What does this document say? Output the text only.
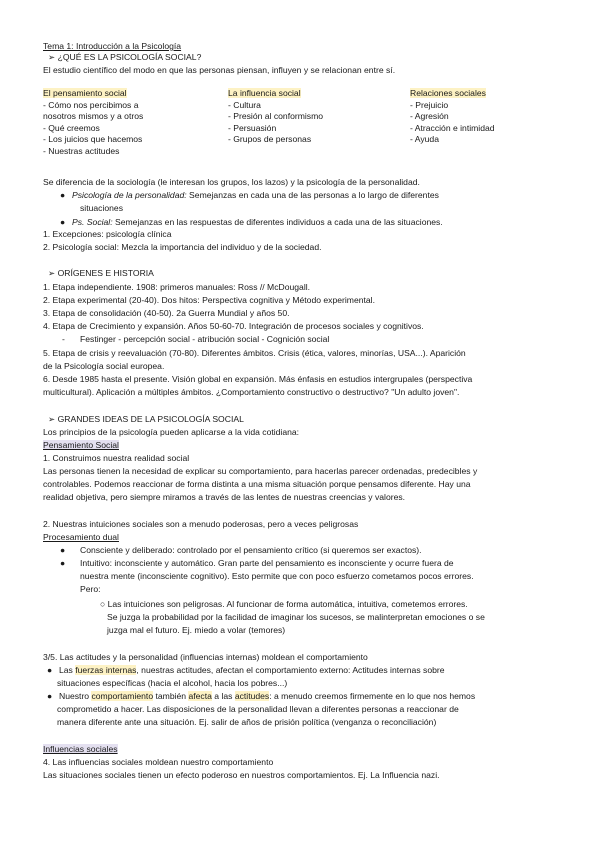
Tema 1: Introducción a la Psicología
➢ ¿QUÉ ES LA PSICOLOGÍA SOCIAL?
El estudio científico del modo en que las personas piensan, influyen y se relacionan entre sí.
El pensamiento social
- Cómo nos percibimos a
nosotros mismos y a otros
- Qué creemos
- Los juicios que hacemos
- Nuestras actitudes
La influencia social
- Cultura
- Presión al conformismo
- Persuasión
- Grupos de personas
Relaciones sociales
- Prejuicio
- Agresión
- Atracción e intimidad
- Ayuda
Se diferencia de la sociología (le interesan los grupos, los lazos) y la psicología de la personalidad.
● Psicología de la personalidad: Semejanzas en cada una de las personas a lo largo de diferentes
situaciones
● Ps. Social: Semejanzas en las respuestas de diferentes individuos a cada una de las situaciones.
1. Excepciones: psicología clínica
2. Psicología social: Mezcla la importancia del individuo y de la sociedad.
➢ ORÍGENES E HISTORIA
1. Etapa independiente. 1908: primeros manuales: Ross // McDougall.
2. Etapa experimental (20-40). Dos hitos: Perspectiva cognitiva y Método experimental.
3. Etapa de consolidación (40-50). 2a Guerra Mundial y años 50.
4. Etapa de Crecimiento y expansión. Años 50-60-70. Integración de procesos sociales y cognitivos.
- Festinger - percepción social - atribución social - Cognición social
5. Etapa de crisis y reevaluación (70-80). Diferentes ámbitos. Crisis (ética, valores, minorías, USA...). Aparición
de la Psicología social europea.
6. Desde 1985 hasta el presente. Visión global en expansión. Más énfasis en estudios intergrupales (perspectiva
multicultural). Aplicación a múltiples ámbitos. ¿Comportamiento constructivo o destructivo? "Un adulto joven".
➢ GRANDES IDEAS DE LA PSICOLOGÍA SOCIAL
Los principios de la psicología pueden aplicarse a la vida cotidiana:
Pensamiento Social
1. Construimos nuestra realidad social
Las personas tienen la necesidad de explicar su comportamiento, para hacerlas parecer ordenadas, predecibles y
controlables. Podemos reaccionar de forma distinta a una misma situación porque pensamos diferente. Hay una
realidad objetiva, pero siempre miramos a través de las lentes de nuestras creencias y valores.
2. Nuestras intuiciones sociales son a menudo poderosas, pero a veces peligrosas
Procesamiento dual
● Consciente y deliberado: controlado por el pensamiento crítico (si queremos ser exactos).
● Intuitivo: inconsciente y automático. Gran parte del pensamiento es inconsciente y ocurre fuera de
nuestra mente (inconsciente cognitivo). Esto permite que con poco esfuerzo cometamos pocos errores.
Pero:
○ Las intuiciones son peligrosas. Al funcionar de forma automática, intuitiva, cometemos errores.
Se juzga la probabilidad por la facilidad de imaginar los sucesos, se malinterpretan emociones o se
juzga mal el futuro. Ej. miedo a volar (temores)
3/5. Las actitudes y la personalidad (influencias internas) moldean el comportamiento
● Las fuerzas internas, nuestras actitudes, afectan el comportamiento externo: Actitudes internas sobre
situaciones específicas (hacia el alcohol, hacia los pobres...)
● Nuestro comportamiento también afecta a las actitudes: a menudo creemos firmemente en lo que nos hemos
comprometido a hacer. Las disposiciones de la personalidad llevan a diferentes personas a reaccionar de
manera diferente ante una situación. Ej. salir de años de prisión política (venganza o reconciliación)
Influencias sociales
4. Las influencias sociales moldean nuestro comportamiento
Las situaciones sociales tienen un efecto poderoso en nuestros comportamientos. Ej. La Influencia nazi.
